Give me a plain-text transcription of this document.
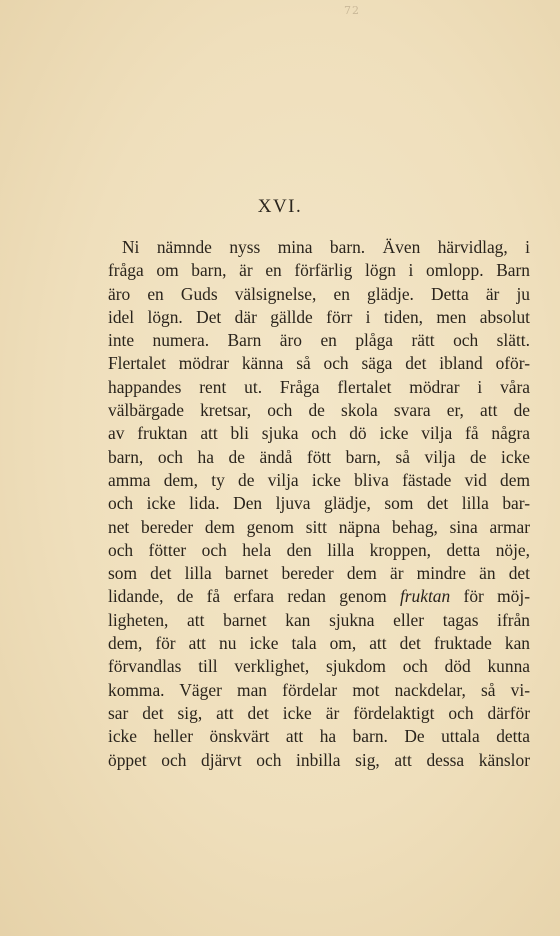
72
XVI.
Ni nämnde nyss mina barn. Även härvidlag, i
fråga om barn, är en förfärlig lögn i omlopp. Barn
äro en Guds välsignelse, en glädje. Detta är ju
idel lögn. Det där gällde förr i tiden, men absolut
inte numera. Barn äro en plåga rätt och slätt.
Flertalet mödrar känna så och säga det ibland oför-
happandes rent ut. Fråga flertalet mödrar i våra
välbärgade kretsar, och de skola svara er, att de
av fruktan att bli sjuka och dö icke vilja få några
barn, och ha de ändå fött barn, så vilja de icke
amma dem, ty de vilja icke bliva fästade vid dem
och icke lida. Den ljuva glädje, som det lilla bar-
net bereder dem genom sitt näpna behag, sina armar
och fötter och hela den lilla kroppen, detta nöje,
som det lilla barnet bereder dem är mindre än det
lidande, de få erfara redan genom fruktan för möj-
ligheten, att barnet kan sjukna eller tagas ifrån
dem, för att nu icke tala om, att det fruktade kan
förvandlas till verklighet, sjukdom och död kunna
komma. Väger man fördelar mot nackdelar, så vi-
sar det sig, att det icke är fördelaktigt och därför
icke heller önskvärt att ha barn. De uttala detta
öppet och djärvt och inbilla sig, att dessa känslor
